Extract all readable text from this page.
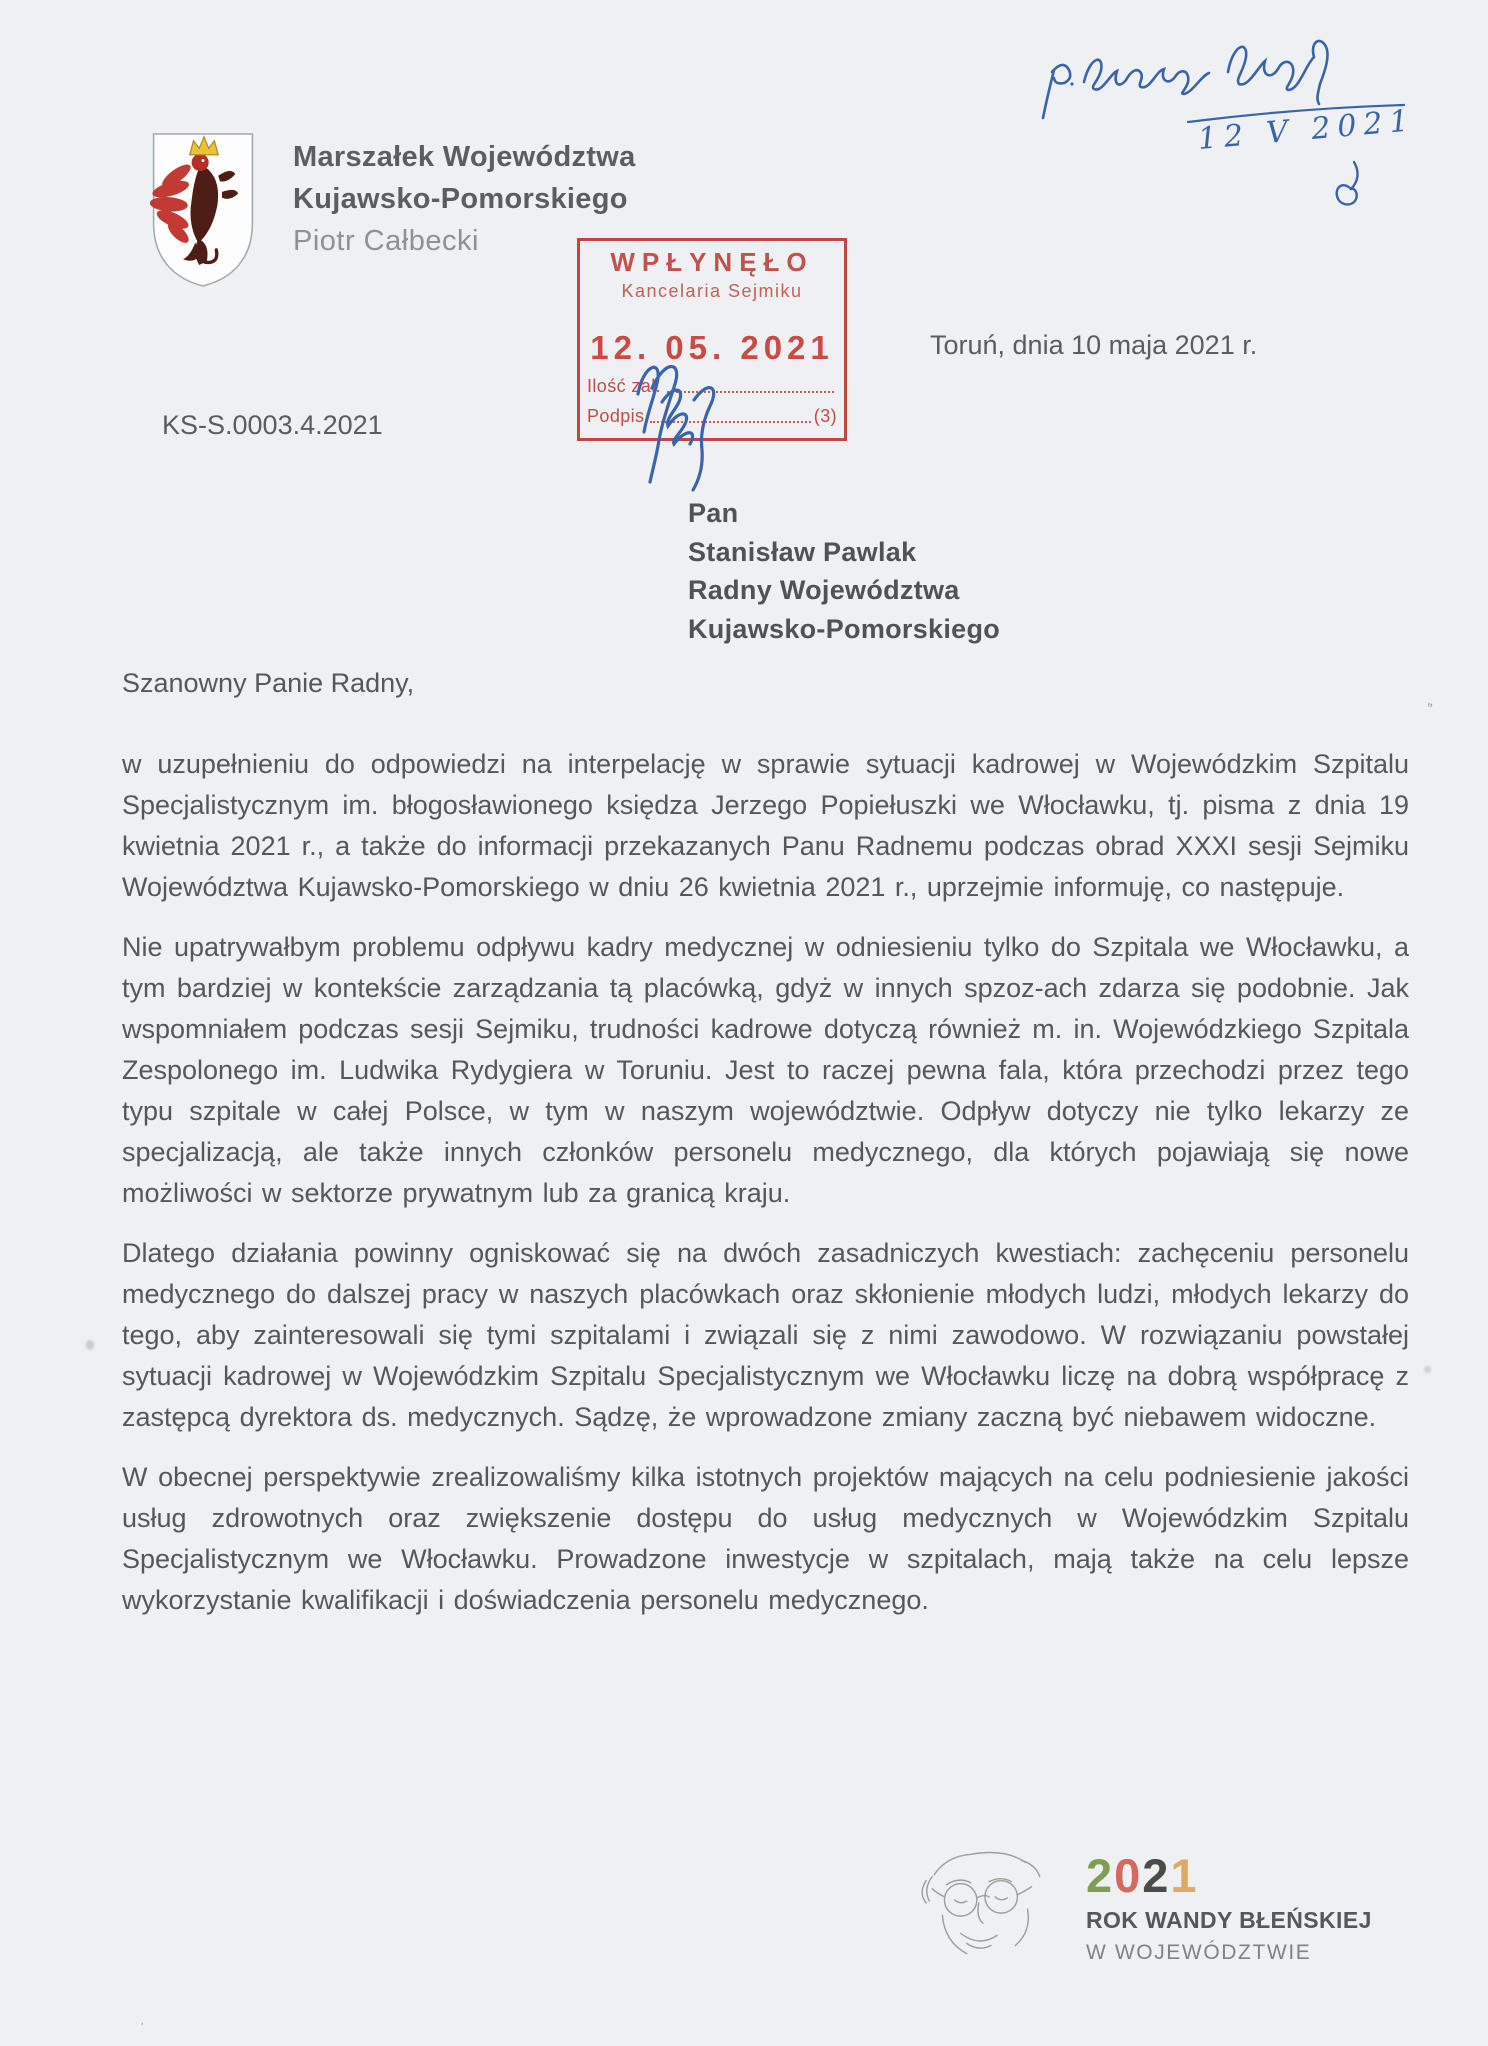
Marszałek Województwa
Kujawsko-Pomorskiego
Piotr Całbecki
12 V 2021
WPŁYNĘŁO
Kancelaria Sejmiku
12. 05. 2021
Ilość zał.
Podpis	(3)
Toruń, dnia 10 maja 2021 r.
KS-S.0003.4.2021
Pan
Stanisław Pawlak
Radny Województwa
Kujawsko-Pomorskiego
Szanowny Panie Radny,

w uzupełnieniu do odpowiedzi na interpelację w sprawie sytuacji kadrowej w Wojewódzkim Szpitalu Specjalistycznym im. błogosławionego księdza Jerzego Popiełuszki we Włocławku, tj. pisma z dnia 19 kwietnia 2021 r., a także do informacji przekazanych Panu Radnemu podczas obrad XXXI sesji Sejmiku Województwa Kujawsko-Pomorskiego w dniu 26 kwietnia 2021 r., uprzejmie informuję, co następuje.

Nie upatrywałbym problemu odpływu kadry medycznej w odniesieniu tylko do Szpitala we Włocławku, a tym bardziej w kontekście zarządzania tą placówką, gdyż w innych spzoz-ach zdarza się podobnie. Jak wspomniałem podczas sesji Sejmiku, trudności kadrowe dotyczą również m. in. Wojewódzkiego Szpitala Zespolonego im. Ludwika Rydygiera w Toruniu. Jest to raczej pewna fala, która przechodzi przez tego typu szpitale w całej Polsce, w tym w naszym województwie. Odpływ dotyczy nie tylko lekarzy ze specjalizacją, ale także innych członków personelu medycznego, dla których pojawiają się nowe możliwości w sektorze prywatnym lub za granicą kraju.

Dlatego działania powinny ogniskować się na dwóch zasadniczych kwestiach: zachęceniu personelu medycznego do dalszej pracy w naszych placówkach oraz skłonienie młodych ludzi, młodych lekarzy do tego, aby zainteresowali się tymi szpitalami i związali się z nimi zawodowo. W rozwiązaniu powstałej sytuacji kadrowej w Wojewódzkim Szpitalu Specjalistycznym we Włocławku liczę na dobrą współpracę z zastępcą dyrektora ds. medycznych. Sądzę, że wprowadzone zmiany zaczną być niebawem widoczne.

W obecnej perspektywie zrealizowaliśmy kilka istotnych projektów mających na celu podniesienie jakości usług zdrowotnych oraz zwiększenie dostępu do usług medycznych w Wojewódzkim Szpitalu Specjalistycznym we Włocławku. Prowadzone inwestycje w szpitalach, mają także na celu lepsze wykorzystanie kwalifikacji i doświadczenia personelu medycznego.

2021
ROK WANDY BŁEŃSKIEJ
W WOJEWÓDZTWIE
„
ʾ
